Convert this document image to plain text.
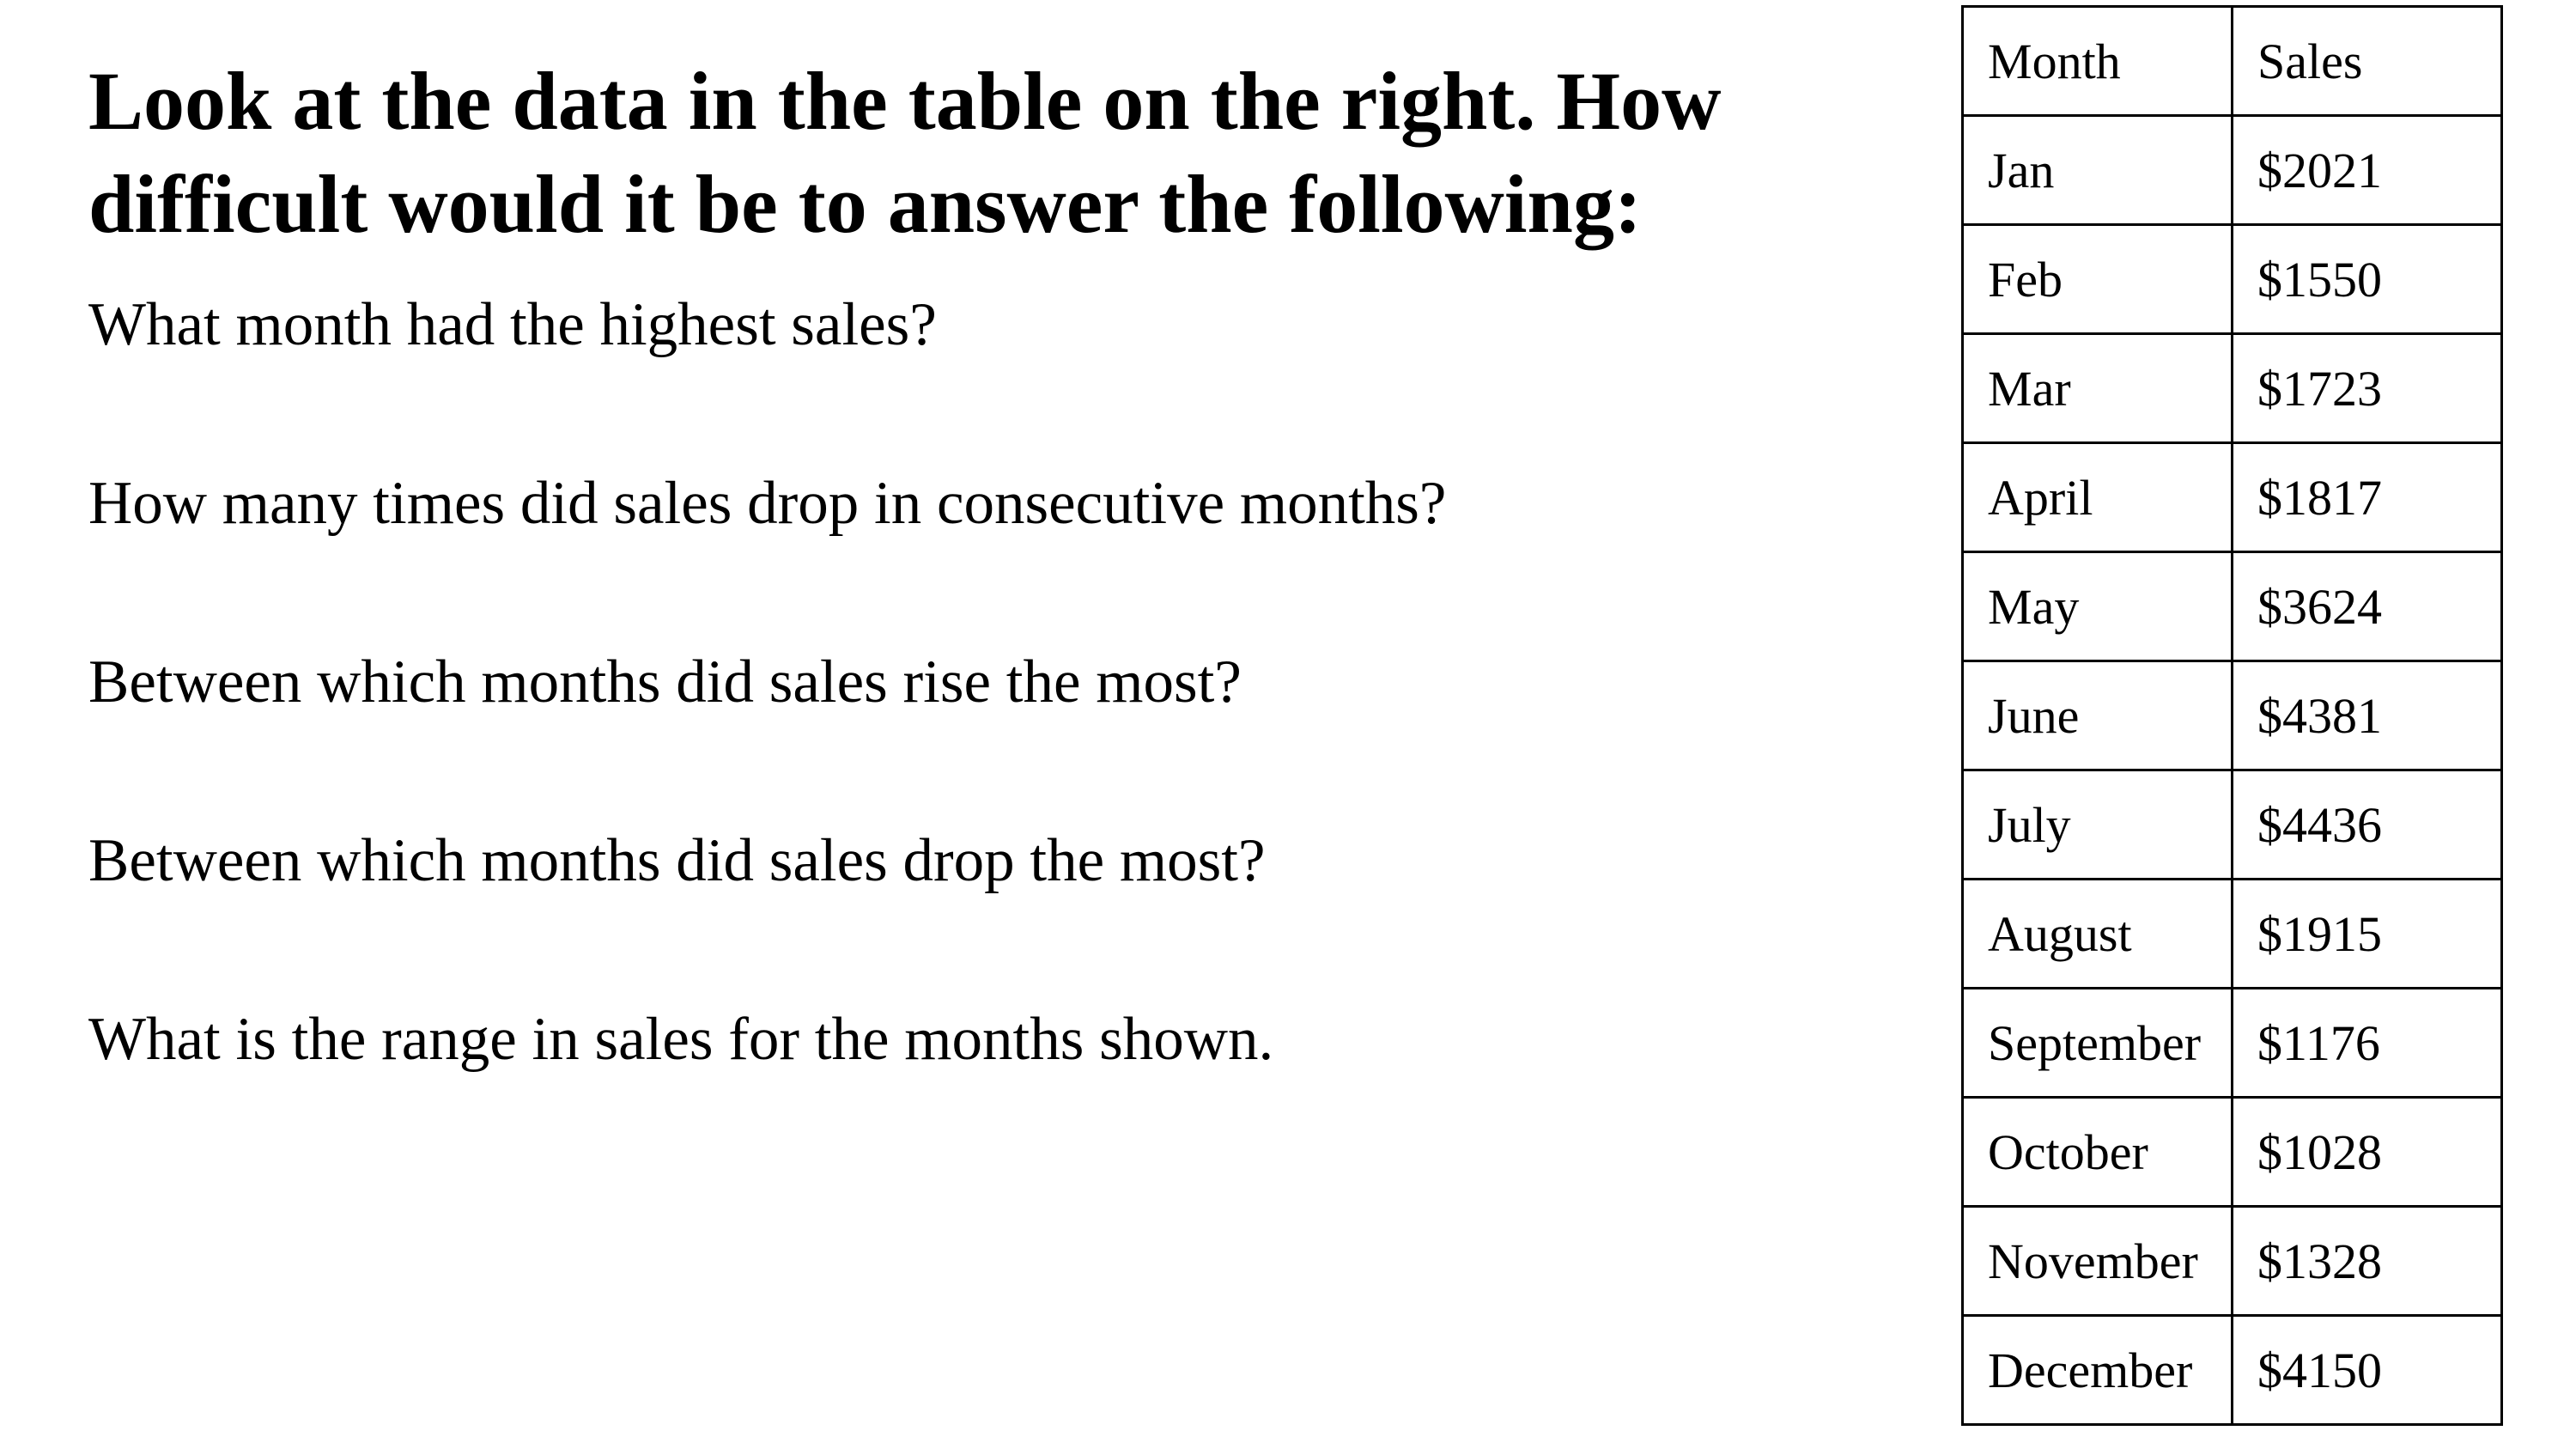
Look at the data in the table on the right. How difficult would it be to answer the following:

What month had the highest sales?

How many times did sales drop in consecutive months?

Between which months did sales rise the most?

Between which months did sales drop the most?

What is the range in sales for the months shown.

Month	Sales
Jan	$2021
Feb	$1550
Mar	$1723
April	$1817
May	$3624
June	$4381
July	$4436
August	$1915
September	$1176
October	$1028
November	$1328
December	$4150
